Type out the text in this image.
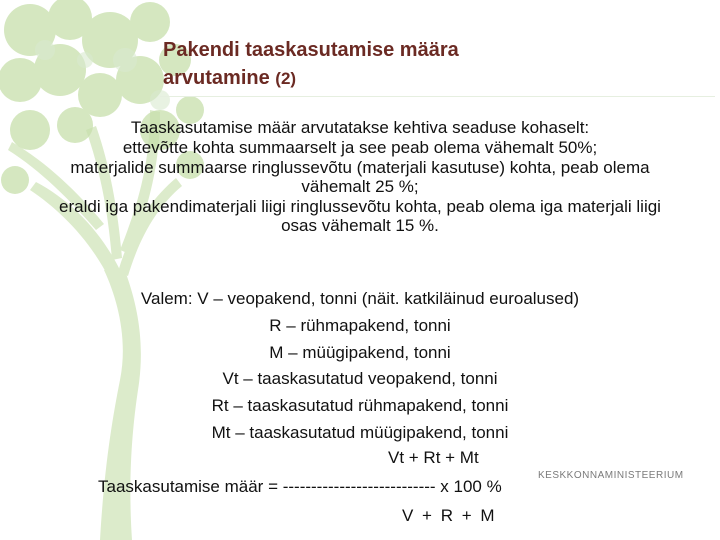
Pakendi taaskasutamise määra
arvutamine (2)

Taaskasutamise määr arvutatakse kehtiva seaduse kohaselt:

ettevõtte kohta summaarselt ja see peab olema vähemalt 50%;

materjalide summaarse ringlussevõtu (materjali kasutuse) kohta, peab olema vähemalt 25 %;

eraldi iga pakendimaterjali liigi ringlussevõtu kohta, peab olema iga materjali liigi osas vähemalt 15 %.

Valem: V – veopakend, tonni (näit. katkiläinud euroalused)
R – rühmapakend, tonni
M – müügipakend, tonni
Vt – taaskasutatud veopakend, tonni
Rt – taaskasutatud rühmapakend, tonni
Mt – taaskasutatud müügipakend, tonni
KESKKONNAMINISTEERIUM
Vt + Rt + Mt
Taaskasutamise määr = --------------------------- x 100 %
V + R + M
